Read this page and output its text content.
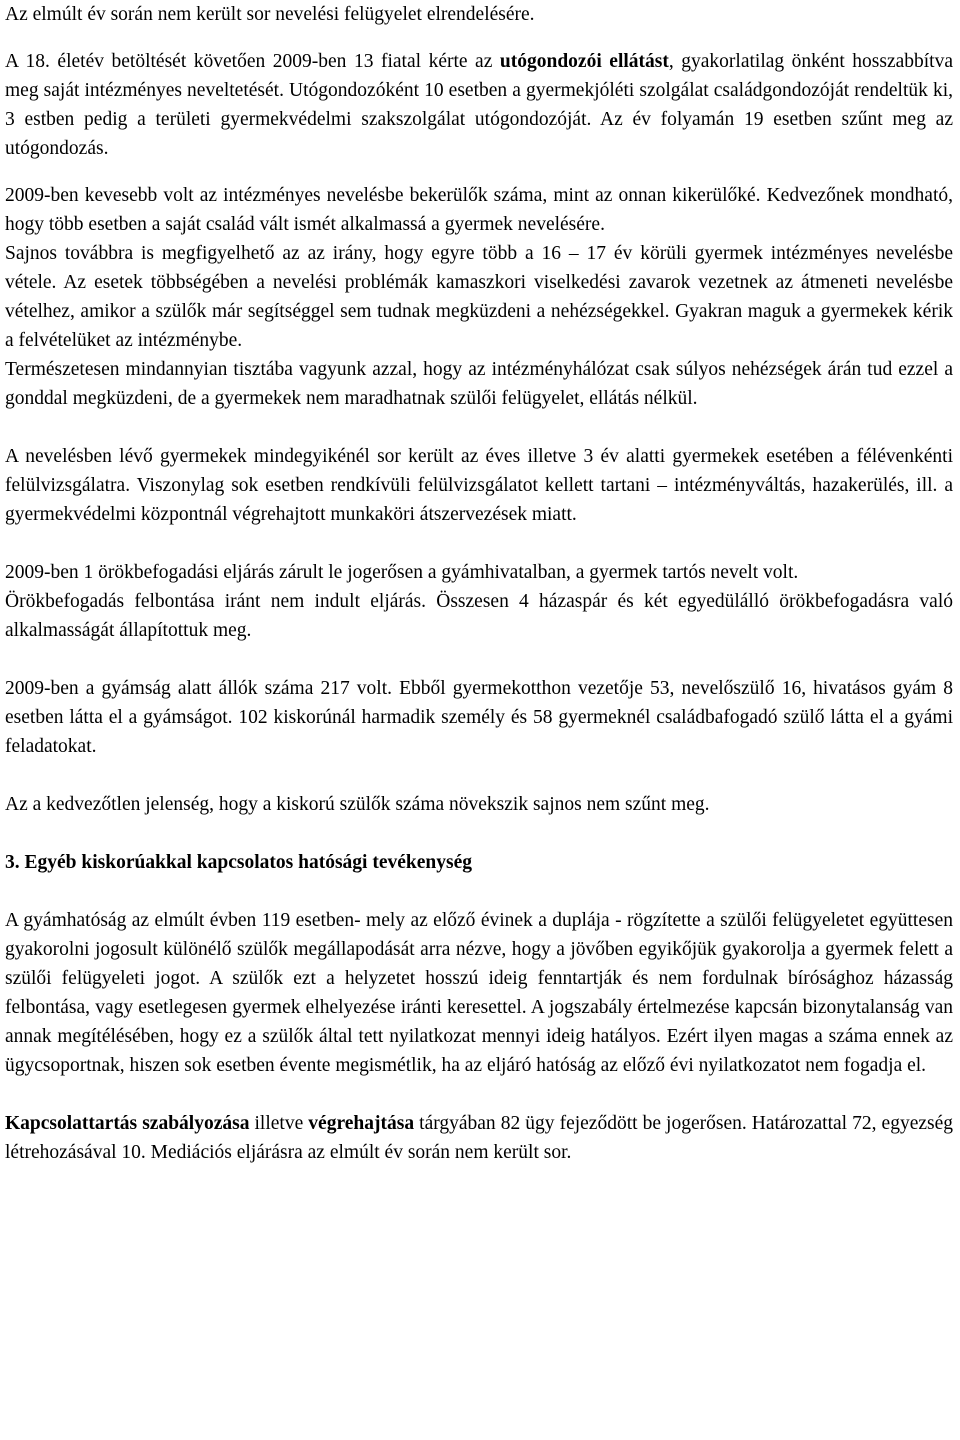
Az elmúlt év során nem került sor nevelési felügyelet elrendelésére.

A 18. életév betöltését követően 2009-ben 13 fiatal kérte az utógondozói ellátást, gyakorlatilag önként hosszabbítva meg saját intézményes neveltetését. Utógondozóként 10 esetben a gyermekjóléti szolgálat családgondozóját rendeltük ki, 3 estben pedig a területi gyermekvédelmi szakszolgálat utógondozóját. Az év folyamán 19 esetben szűnt meg az utógondozás.

2009-ben kevesebb volt az intézményes nevelésbe bekerülők száma, mint az onnan kikerülőké. Kedvezőnek mondható, hogy több esetben a saját család vált ismét alkalmassá a gyermek nevelésére.

Sajnos továbbra is megfigyelhető az az irány, hogy egyre több a 16 – 17 év körüli gyermek intézményes nevelésbe vétele. Az esetek többségében a nevelési problémák kamaszkori viselkedési zavarok vezetnek az átmeneti nevelésbe vételhez, amikor a szülők már segítséggel sem tudnak megküzdeni a nehézségekkel. Gyakran maguk a gyermekek kérik a felvételüket az intézménybe.

Természetesen mindannyian tisztába vagyunk azzal, hogy az intézményhálózat csak súlyos nehézségek árán tud ezzel a gonddal megküzdeni, de a gyermekek nem maradhatnak szülői felügyelet, ellátás nélkül.

A nevelésben lévő gyermekek mindegyikénél sor került az éves illetve 3 év alatti gyermekek esetében a félévenkénti felülvizsgálatra. Viszonylag sok esetben rendkívüli felülvizsgálatot kellett tartani – intézményváltás, hazakerülés, ill. a gyermekvédelmi központnál végrehajtott munkaköri átszervezések miatt.

2009-ben 1 örökbefogadási eljárás zárult le jogerősen a gyámhivatalban, a gyermek tartós nevelt volt.

Örökbefogadás felbontása iránt nem indult eljárás. Összesen 4 házaspár és két egyedülálló örökbefogadásra való alkalmasságát állapítottuk meg.

2009-ben a gyámság alatt állók száma 217 volt. Ebből gyermekotthon vezetője 53, nevelőszülő 16, hivatásos gyám 8 esetben látta el a gyámságot. 102 kiskorúnál harmadik személy és 58 gyermeknél családbafogadó szülő látta el a gyámi feladatokat.

Az a kedvezőtlen jelenség, hogy a kiskorú szülők száma növekszik sajnos nem szűnt meg.

3. Egyéb kiskorúakkal kapcsolatos hatósági tevékenység

A gyámhatóság az elmúlt évben 119 esetben- mely az előző évinek a duplája - rögzítette a szülői felügyeletet együttesen gyakorolni jogosult különélő szülők megállapodását arra nézve, hogy a jövőben egyikőjük gyakorolja a gyermek felett a szülői felügyeleti jogot. A szülők ezt a helyzetet hosszú ideig fenntartják és nem fordulnak bírósághoz házasság felbontása, vagy esetlegesen gyermek elhelyezése iránti keresettel. A jogszabály értelmezése kapcsán bizonytalanság van annak megítélésében, hogy ez a szülők által tett nyilatkozat mennyi ideig hatályos. Ezért ilyen magas a száma ennek az ügycsoportnak, hiszen sok esetben évente megismétlik, ha az eljáró hatóság az előző évi nyilatkozatot nem fogadja el.

Kapcsolattartás szabályozása illetve végrehajtása tárgyában 82 ügy fejeződött be jogerősen. Határozattal 72, egyezség létrehozásával 10. Mediációs eljárásra az elmúlt év során nem került sor.
